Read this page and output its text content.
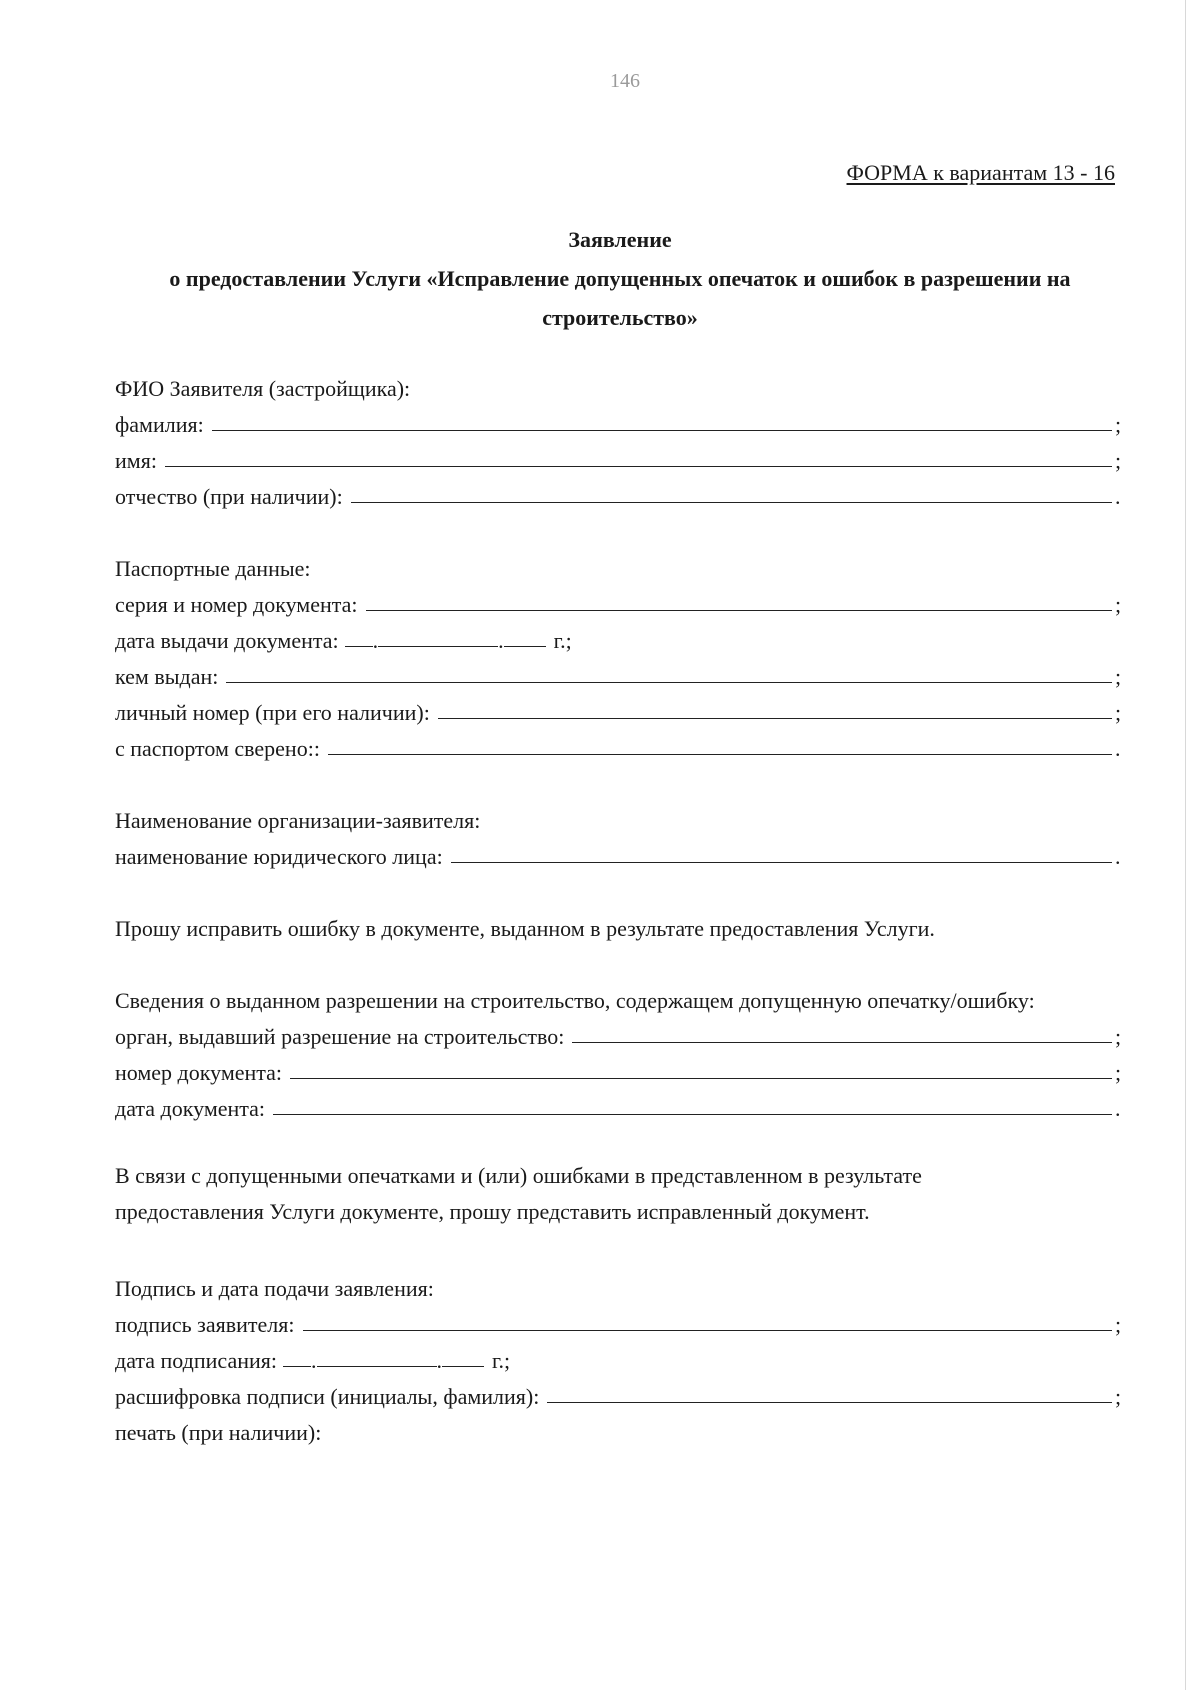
146
ФОРМА к вариантам 13 - 16
Заявление
о предоставлении Услуги «Исправление допущенных опечаток и ошибок в разрешении на
строительство»
ФИО Заявителя (застройщика):
фамилия:	;
имя:	;
отчество (при наличии):	.
Паспортные данные:
серия и номер документа:	;
дата выдачи документа: .	. г.;
кем выдан:	;
личный номер (при его наличии):	;
с паспортом сверено::	.
Наименование организации-заявителя:
наименование юридического лица:	.
Прошу исправить ошибку в документе, выданном в результате предоставления Услуги.
Сведения о выданном разрешении на строительство, содержащем допущенную опечатку/ошибку:
орган, выдавший разрешение на строительство:	;
номер документа:	;
дата документа:	.
В связи с допущенными опечатками и (или) ошибками в представленном в результате предоставления Услуги документе, прошу представить исправленный документ.
Подпись и дата подачи заявления:
подпись заявителя:	;
дата подписания: .	. г.;
расшифровка подписи (инициалы, фамилия):	;
печать (при наличии):
